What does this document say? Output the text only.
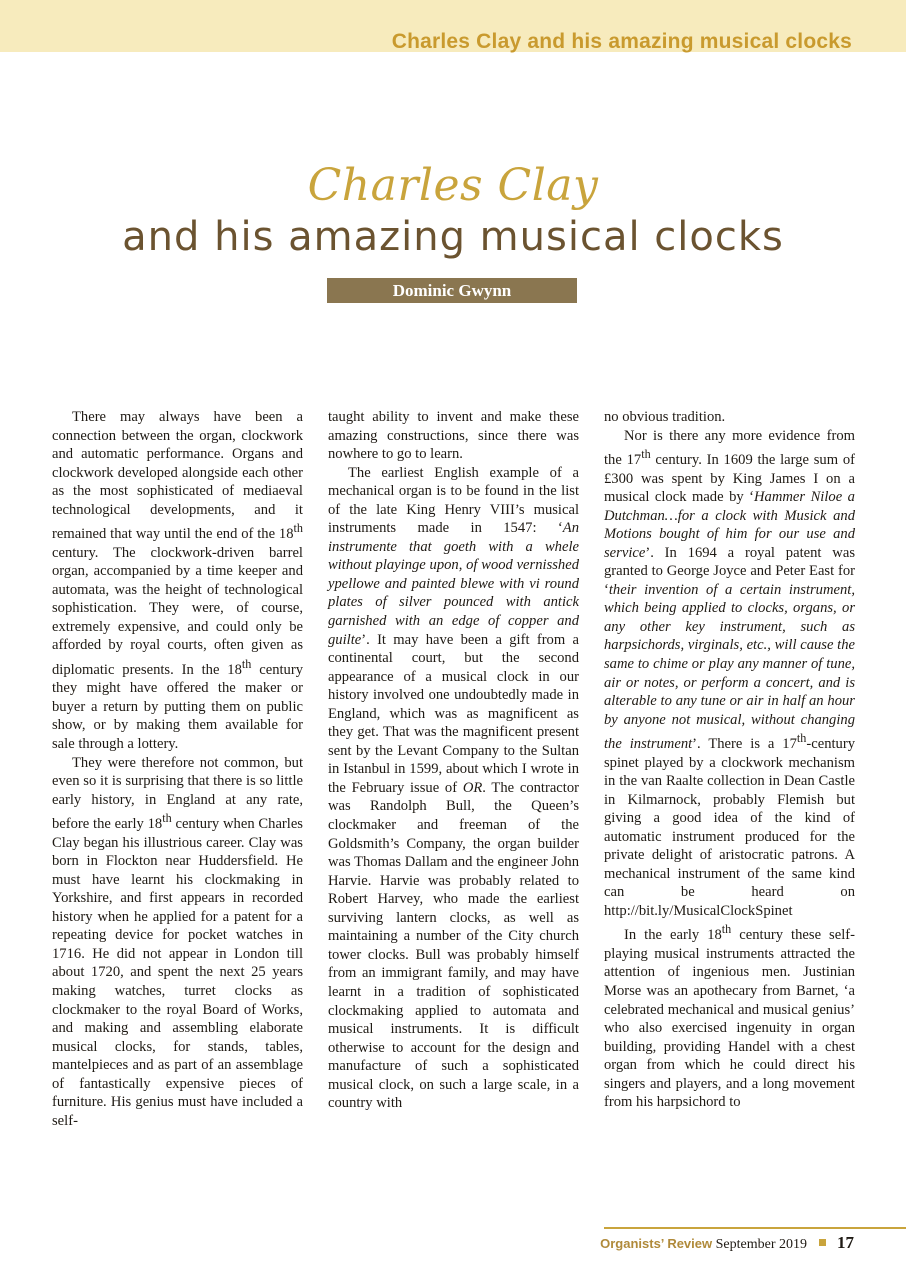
Charles Clay and his amazing musical clocks
Charles Clay
and his amazing musical clocks
Dominic Gwynn

There may always have been a connection between the organ, clockwork and automatic performance. Organs and clockwork developed alongside each other as the most sophisticated of mediaeval technological developments, and it remained that way until the end of the 18th century. The clockwork-driven barrel organ, accompanied by a time keeper and automata, was the height of technological sophistication. They were, of course, extremely expensive, and could only be afforded by royal courts, often given as diplomatic presents. In the 18th century they might have offered the maker or buyer a return by putting them on public show, or by making them available for sale through a lottery.

They were therefore not common, but even so it is surprising that there is so little early history, in England at any rate, before the early 18th century when Charles Clay began his illustrious career. Clay was born in Flockton near Huddersfield. He must have learnt his clockmaking in Yorkshire, and first appears in recorded history when he applied for a patent for a repeating device for pocket watches in 1716. He did not appear in London till about 1720, and spent the next 25 years making watches, turret clocks as clockmaker to the royal Board of Works, and making and assembling elaborate musical clocks, for stands, tables, mantelpieces and as part of an assemblage of fantastically expensive pieces of furniture. His genius must have included a self-

taught ability to invent and make these amazing constructions, since there was nowhere to go to learn.

The earliest English example of a mechanical organ is to be found in the list of the late King Henry VIII’s musical instruments made in 1547: ‘An instrumente that goeth with a whele without playinge upon, of wood vernisshed ypellowe and painted blewe with vi round plates of silver pounced with antick garnished with an edge of copper and guilte’. It may have been a gift from a continental court, but the second appearance of a musical clock in our history involved one undoubtedly made in England, which was as magnificent as they get. That was the magnificent present sent by the Levant Company to the Sultan in Istanbul in 1599, about which I wrote in the February issue of OR. The contractor was Randolph Bull, the Queen’s clockmaker and freeman of the Goldsmith’s Company, the organ builder was Thomas Dallam and the engineer John Harvie. Harvie was probably related to Robert Harvey, who made the earliest surviving lantern clocks, as well as maintaining a number of the City church tower clocks. Bull was probably himself from an immigrant family, and may have learnt in a tradition of sophisticated clockmaking applied to automata and musical instruments. It is difficult otherwise to account for the design and manufacture of such a sophisticated musical clock, on such a large scale, in a country with

no obvious tradition.

Nor is there any more evidence from the 17th century. In 1609 the large sum of £300 was spent by King James I on a musical clock made by ‘Hammer Niloe a Dutchman…for a clock with Musick and Motions bought of him for our use and service’. In 1694 a royal patent was granted to George Joyce and Peter East for ‘their invention of a certain instrument, which being applied to clocks, organs, or any other key instrument, such as harpsichords, virginals, etc., will cause the same to chime or play any manner of tune, air or notes, or perform a concert, and is alterable to any tune or air in half an hour by anyone not musical, without changing the instrument’. There is a 17th-century spinet played by a clockwork mechanism in the van Raalte collection in Dean Castle in Kilmarnock, probably Flemish but giving a good idea of the kind of automatic instrument produced for the private delight of aristocratic patrons. A mechanical instrument of the same kind can be heard on http://bit.ly/MusicalClockSpinet

In the early 18th century these self-playing musical instruments attracted the attention of ingenious men. Justinian Morse was an apothecary from Barnet, ‘a celebrated mechanical and musical genius’ who also exercised ingenuity in organ building, providing Handel with a chest organ from which he could direct his singers and players, and a long movement from his harpsichord to

Organists’ Review September 2019 17
